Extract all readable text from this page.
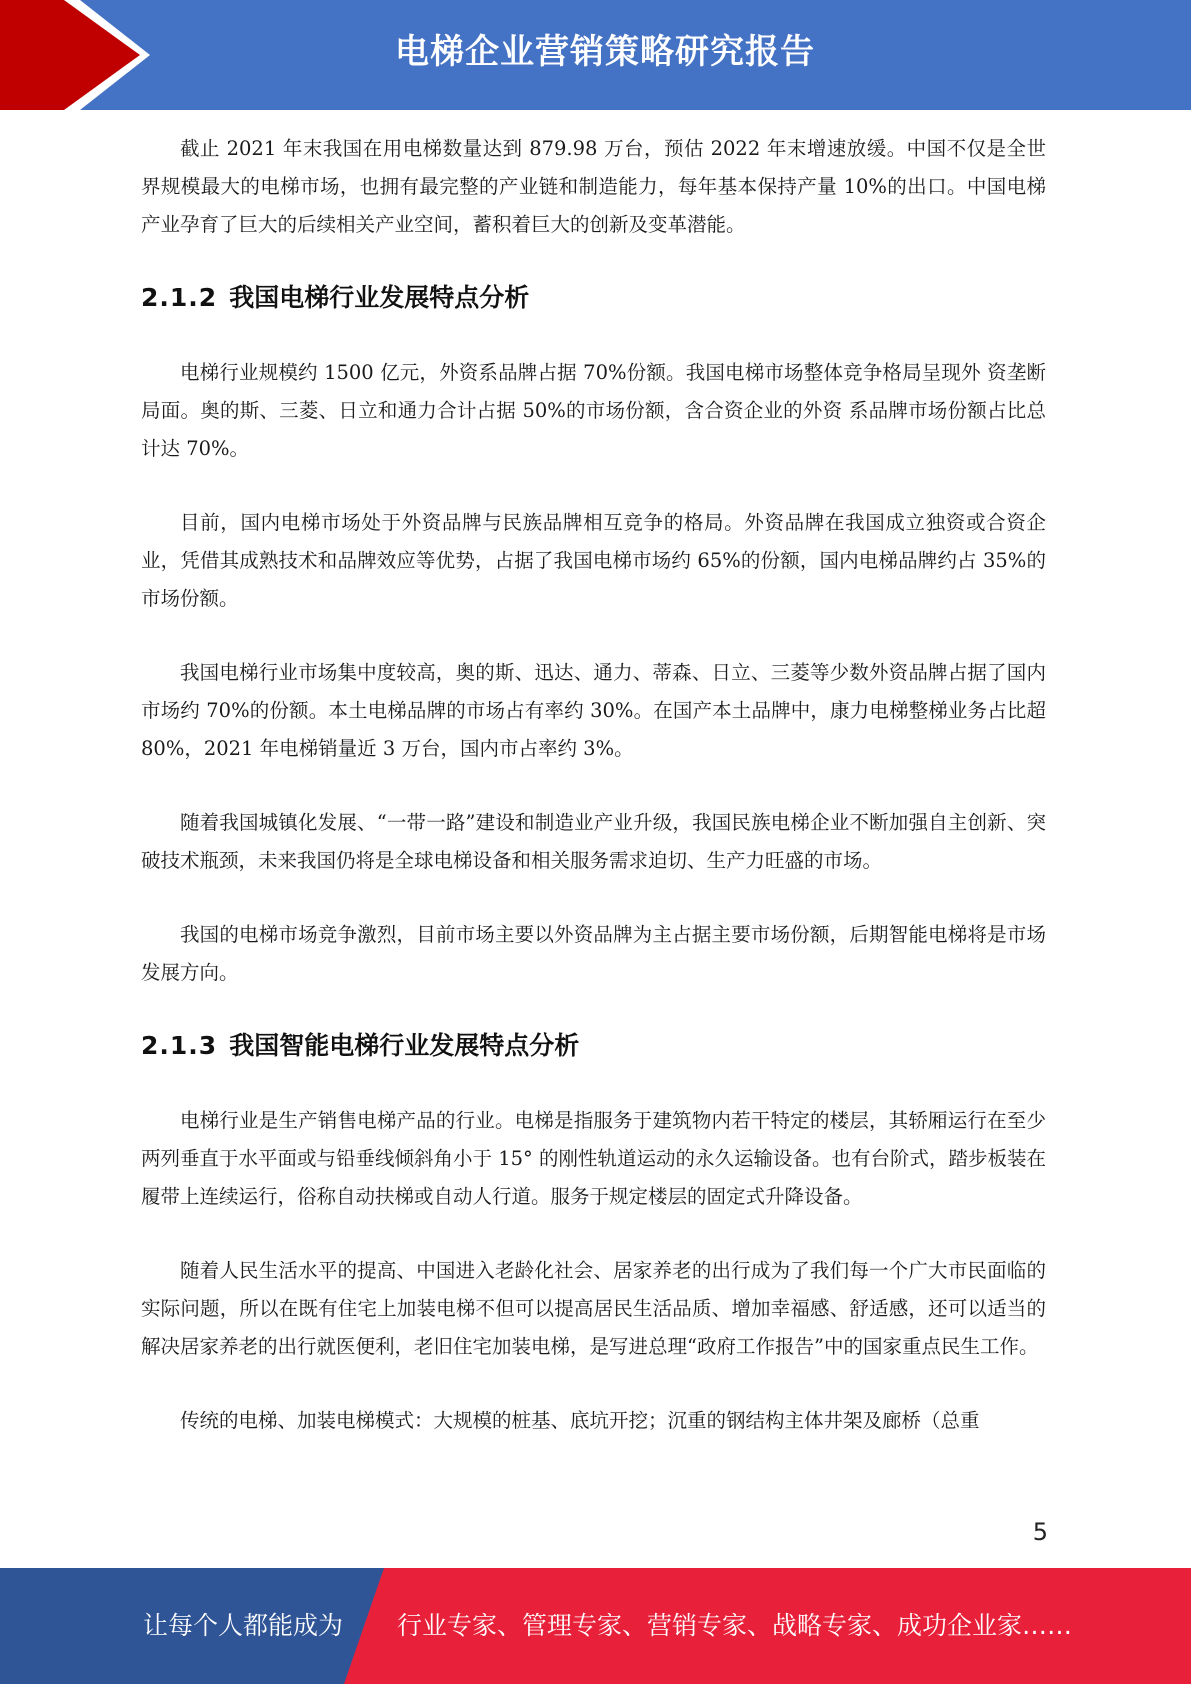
电梯企业营销策略研究报告

截止 2021 年末我国在用电梯数量达到 879.98 万台，预估 2022 年末增速放缓。中国不仅是全世界规模最大的电梯市场，也拥有最完整的产业链和制造能力，每年基本保持产量 10%的出口。中国电梯产业孕育了巨大的后续相关产业空间，蓄积着巨大的创新及变革潜能。

2.1.2 我国电梯行业发展特点分析

电梯行业规模约 1500 亿元，外资系品牌占据 70%份额。我国电梯市场整体竞争格局呈现外 资垄断局面。奥的斯、三菱、日立和通力合计占据 50%的市场份额，含合资企业的外资 系品牌市场份额占比总计达 70%。

目前，国内电梯市场处于外资品牌与民族品牌相互竞争的格局。外资品牌在我国成立独资或合资企业，凭借其成熟技术和品牌效应等优势，占据了我国电梯市场约 65%的份额，国内电梯品牌约占 35%的市场份额。

我国电梯行业市场集中度较高，奥的斯、迅达、通力、蒂森、日立、三菱等少数外资品牌占据了国内市场约 70%的份额。本土电梯品牌的市场占有率约 30%。在国产本土品牌中，康力电梯整梯业务占比超 80%，2021 年电梯销量近 3 万台，国内市占率约 3%。

随着我国城镇化发展、“一带一路”建设和制造业产业升级，我国民族电梯企业不断加强自主创新、突破技术瓶颈，未来我国仍将是全球电梯设备和相关服务需求迫切、生产力旺盛的市场。

我国的电梯市场竞争激烈，目前市场主要以外资品牌为主占据主要市场份额，后期智能电梯将是市场发展方向。

2.1.3 我国智能电梯行业发展特点分析

电梯行业是生产销售电梯产品的行业。电梯是指服务于建筑物内若干特定的楼层，其轿厢运行在至少两列垂直于水平面或与铅垂线倾斜角小于 15° 的刚性轨道运动的永久运输设备。也有台阶式，踏步板装在履带上连续运行，俗称自动扶梯或自动人行道。服务于规定楼层的固定式升降设备。

随着人民生活水平的提高、中国进入老龄化社会、居家养老的出行成为了我们每一个广大市民面临的实际问题，所以在既有住宅上加装电梯不但可以提高居民生活品质、增加幸福感、舒适感，还可以适当的解决居家养老的出行就医便利，老旧住宅加装电梯，是写进总理“政府工作报告”中的国家重点民生工作。

传统的电梯、加装电梯模式：大规模的桩基、底坑开挖；沉重的钢结构主体井架及廊桥（总重

5
让每个人都能成为 行业专家、管理专家、营销专家、战略专家、成功企业家……
